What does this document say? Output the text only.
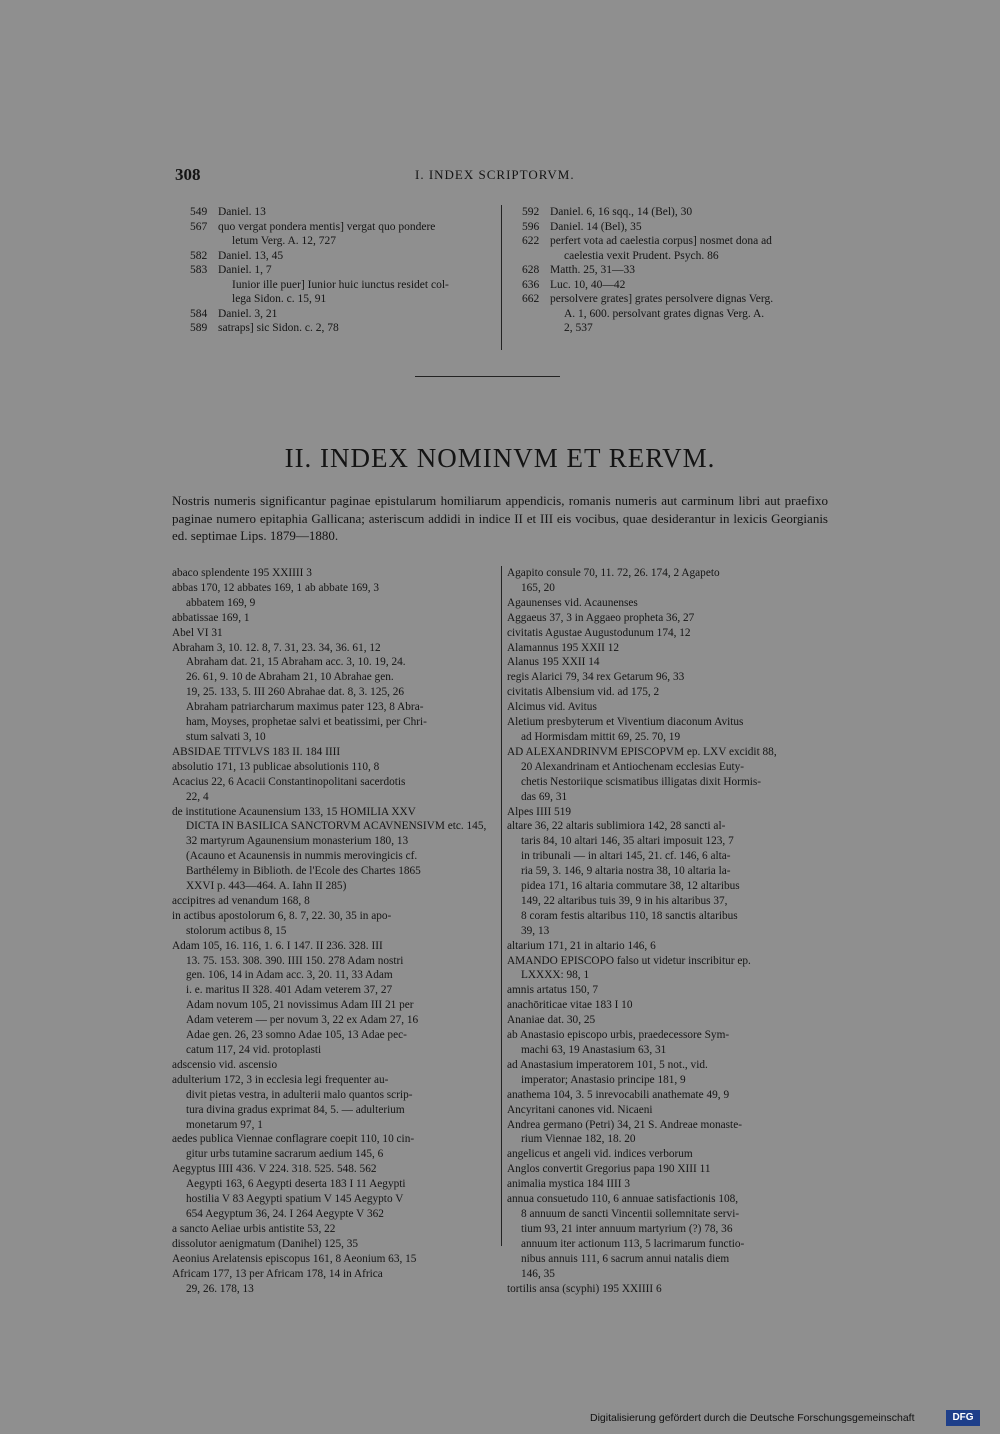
308	I. INDEX SCRIPTORVM.
549 Daniel. 13
567 quo vergat pondera mentis] vergat quo pondere
letum Verg. A. 12, 727
582 Daniel. 13, 45
583 Daniel. 1, 7
Iunior ille puer] Iunior huic iunctus residet col-
lega Sidon. c. 15, 91
584 Daniel. 3, 21
589 satraps] sic Sidon. c. 2, 78
592 Daniel. 6, 16 sqq., 14 (Bel), 30
596 Daniel. 14 (Bel), 35
622 perfert vota ad caelestia corpus] nosmet dona ad
caelestia vexit Prudent. Psych. 86
628 Matth. 25, 31—33
636 Luc. 10, 40—42
662 persolvere grates] grates persolvere dignas Verg.
A. 1, 600. persolvant grates dignas Verg. A.
2, 537
II. INDEX NOMINVM ET RERVM.
Nostris numeris significantur paginae epistularum homiliarum appendicis, romanis numeris aut carminum libri aut praefixo paginae numero epitaphia Gallicana; asteriscum addidi in indice II et III eis vocibus, quae desiderantur in lexicis Georgianis ed. septimae Lips. 1879—1880.
abaco splendente 195 XXIIII 3
abbas 170, 12 abbates 169, 1 ab abbate 169, 3
abbatem 169, 9
abbatissae 169, 1
Abel VI 31
Abraham 3, 10. 12. 8, 7. 31, 23. 34, 36. 61, 12
Abraham dat. 21, 15 Abraham acc. 3, 10. 19, 24.
26. 61, 9. 10 de Abraham 21, 10 Abrahae gen.
19, 25. 133, 5. III 260 Abrahae dat. 8, 3. 125, 26
Abraham patriarcharum maximus pater 123, 8 Abra-
ham, Moyses, prophetae salvi et beatissimi, per Chri-
stum salvati 3, 10
ABSIDAE TITVLVS 183 II. 184 IIII
absolutio 171, 13 publicae absolutionis 110, 8
Acacius 22, 6 Acacii Constantinopolitani sacerdotis
22, 4
de institutione Acaunensium 133, 15 HOMILIA XXV
DICTA IN BASILICA SANCTORVM ACAVNENSIVM etc. 145,
32 martyrum Agaunensium monasterium 180, 13
(Acauno et Acaunensis in nummis merovingicis cf.
Barthélemy in Biblioth. de l'Ecole des Chartes 1865
XXVI p. 443—464. A. Iahn II 285)
accipitres ad venandum 168, 8
in actibus apostolorum 6, 8. 7, 22. 30, 35 in apo-
stolorum actibus 8, 15
Adam 105, 16. 116, 1. 6. I 147. II 236. 328. III
13. 75. 153. 308. 390. IIII 150. 278 Adam nostri
gen. 106, 14 in Adam acc. 3, 20. 11, 33 Adam
i. e. maritus II 328. 401 Adam veterem 37, 27
Adam novum 105, 21 novissimus Adam III 21 per
Adam veterem — per novum 3, 22 ex Adam 27, 16
Adae gen. 26, 23 somno Adae 105, 13 Adae pec-
catum 117, 24 vid. protoplasti
adscensio vid. ascensio
adulterium 172, 3 in ecclesia legi frequenter au-
divit pietas vestra, in adulterii malo quantos scrip-
tura divina gradus exprimat 84, 5. — adulterium
monetarum 97, 1
aedes publica Viennae conflagrare coepit 110, 10 cin-
gitur urbs tutamine sacrarum aedium 145, 6
Aegyptus IIII 436. V 224. 318. 525. 548. 562
Aegypti 163, 6 Aegypti deserta 183 I 11 Aegypti
hostilia V 83 Aegypti spatium V 145 Aegypto V
654 Aegyptum 36, 24. I 264 Aegypte V 362
a sancto Aeliae urbis antistite 53, 22
dissolutor aenigmatum (Danihel) 125, 35
Aeonius Arelatensis episcopus 161, 8 Aeonium 63, 15
Africam 177, 13 per Africam 178, 14 in Africa
29, 26. 178, 13
Agapito consule 70, 11. 72, 26. 174, 2 Agapeto
165, 20
Agaunenses vid. Acaunenses
Aggaeus 37, 3 in Aggaeo propheta 36, 27
civitatis Agustae Augustodunum 174, 12
Alamannus 195 XXII 12
Alanus 195 XXII 14
regis Alarici 79, 34 rex Getarum 96, 33
civitatis Albensium vid. ad 175, 2
Alcimus vid. Avitus
Aletium presbyterum et Viventium diaconum Avitus
ad Hormisdam mittit 69, 25. 70, 19
AD ALEXANDRINVM EPISCOPVM ep. LXV excidit 88,
20 Alexandrinam et Antiochenam ecclesias Euty-
chetis Nestoriique scismatibus illigatas dixit Hormis-
das 69, 31
Alpes IIII 519
altare 36, 22 altaris sublimiora 142, 28 sancti al-
taris 84, 10 altari 146, 35 altari imposuit 123, 7
in tribunali — in altari 145, 21. cf. 146, 6 alta-
ria 59, 3. 146, 9 altaria nostra 38, 10 altaria la-
pidea 171, 16 altaria commutare 38, 12 altaribus
149, 22 altaribus tuis 39, 9 in his altaribus 37,
8 coram festis altaribus 110, 18 sanctis altaribus
39, 13
altarium 171, 21 in altario 146, 6
AMANDO EPISCOPO falso ut videtur inscribitur ep.
LXXXX: 98, 1
amnis artatus 150, 7
anachōriticae vitae 183 I 10
Ananiae dat. 30, 25
ab Anastasio episcopo urbis, praedecessore Sym-
machi 63, 19 Anastasium 63, 31
ad Anastasium imperatorem 101, 5 not., vid.
imperator; Anastasio principe 181, 9
anathema 104, 3. 5 inrevocabili anathemate 49, 9
Ancyritani canones vid. Nicaeni
Andrea germano (Petri) 34, 21 S. Andreae monaste-
rium Viennae 182, 18. 20
angelicus et angeli vid. indices verborum
Anglos convertit Gregorius papa 190 XIII 11
animalia mystica 184 IIII 3
annua consuetudo 110, 6 annuae satisfactionis 108,
8 annuum de sancti Vincentii sollemnitate servi-
tium 93, 21 inter annuum martyrium (?) 78, 36
annuum iter actionum 113, 5 lacrimarum functio-
nibus annuis 111, 6 sacrum annui natalis diem
146, 35
tortilis ansa (scyphi) 195 XXIIII 6
Digitalisierung gefördert durch die Deutsche Forschungsgemeinschaft	DFG
